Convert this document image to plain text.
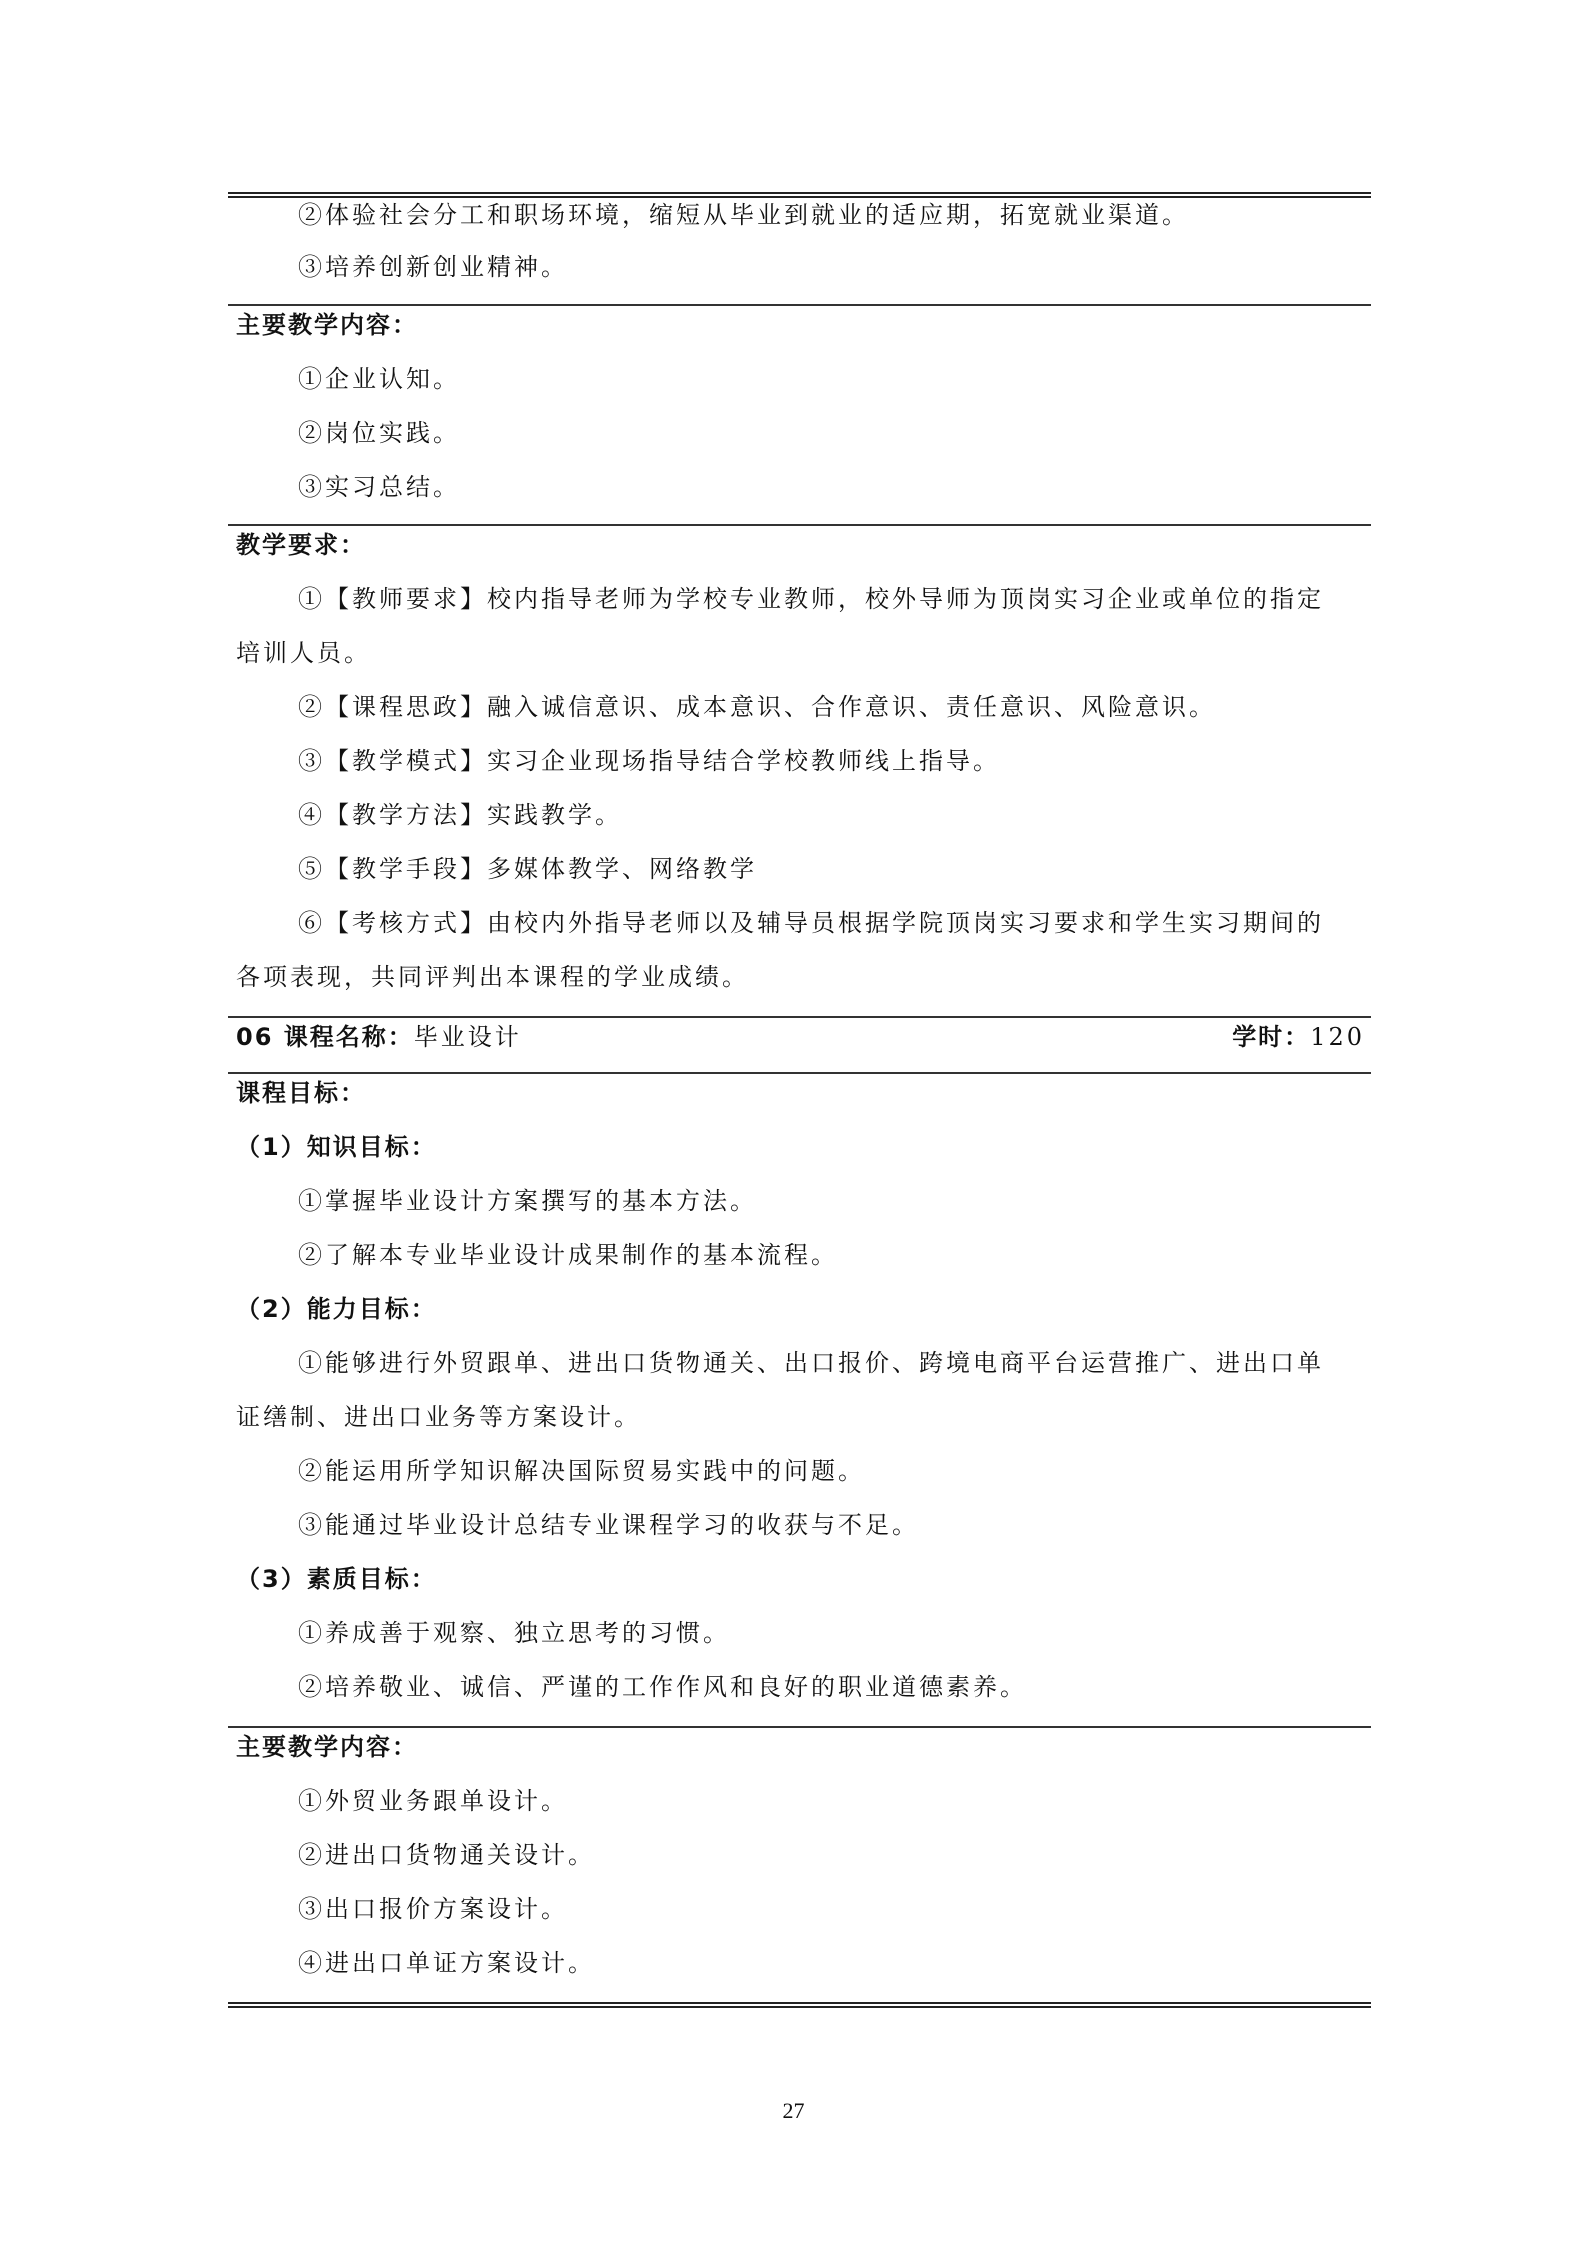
②体验社会分工和职场环境，缩短从毕业到就业的适应期，拓宽就业渠道。
③培养创新创业精神。
主要教学内容：
①企业认知。
②岗位实践。
③实习总结。
教学要求：
①【教师要求】校内指导老师为学校专业教师，校外导师为顶岗实习企业或单位的指定
培训人员。
②【课程思政】融入诚信意识、成本意识、合作意识、责任意识、风险意识。
③【教学模式】实习企业现场指导结合学校教师线上指导。
④【教学方法】实践教学。
⑤【教学手段】多媒体教学、网络教学
⑥【考核方式】由校内外指导老师以及辅导员根据学院顶岗实习要求和学生实习期间的
各项表现，共同评判出本课程的学业成绩。
06 课程名称：毕业设计	学时：120
课程目标：
（1）知识目标：
①掌握毕业设计方案撰写的基本方法。
②了解本专业毕业设计成果制作的基本流程。
（2）能力目标：
①能够进行外贸跟单、进出口货物通关、出口报价、跨境电商平台运营推广、进出口单
证缮制、进出口业务等方案设计。
②能运用所学知识解决国际贸易实践中的问题。
③能通过毕业设计总结专业课程学习的收获与不足。
（3）素质目标：
①养成善于观察、独立思考的习惯。
②培养敬业、诚信、严谨的工作作风和良好的职业道德素养。
主要教学内容：
①外贸业务跟单设计。
②进出口货物通关设计。
③出口报价方案设计。
④进出口单证方案设计。
27
